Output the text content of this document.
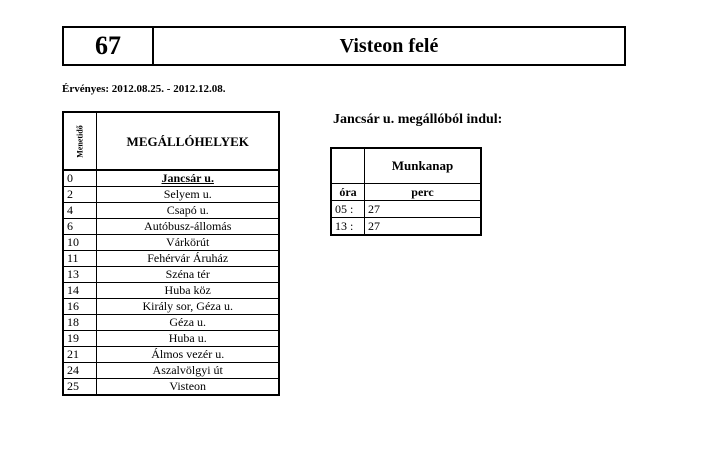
67	Visteon felé
Érvényes: 2012.08.25. - 2012.12.08.
Menetidő	MEGÁLLÓHELYEK
0	Jancsár u.
2	Selyem u.
4	Csapó u.
6	Autóbusz-állomás
10	Várkörút
11	Fehérvár Áruház
13	Széna tér
14	Huba köz
16	Király sor, Géza u.
18	Géza u.
19	Huba u.
21	Álmos vezér u.
24	Aszalvölgyi út
25	Visteon
Jancsár u. megállóból indul:
	Munkanap
óra	perc
05 :	27
13 :	27
